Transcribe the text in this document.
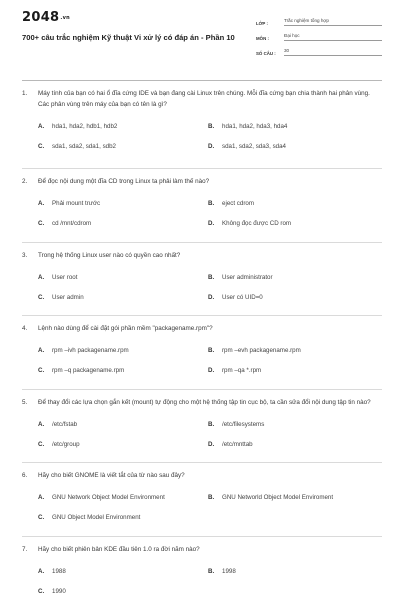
2048.vn
700+ câu trắc nghiệm Kỹ thuật Vi xử lý có đáp án - Phần 10
LỚP :
Trắc nghiệm tổng hợp
MÔN :
Đại học
SỐ CÂU :
30
1.	Máy tính của bạn có hai ổ đĩa cứng IDE và bạn đang cài Linux trên chúng. Mỗi đĩa cứng bạn chia thành hai phân vùng. Các phân vùng trên máy của bạn có tên là gì?
A.	hda1, hda2, hdb1, hdb2	B.	hda1, hda2, hda3, hda4
C.	sda1, sda2, sda1, sdb2	D.	sda1, sda2, sda3, sda4
2.	Để đọc nội dung một đĩa CD trong Linux ta phải làm thế nào?
A.	Phải mount trước	B.	eject cdrom
C.	cd /mnt/cdrom	D.	Không đọc được CD rom
3.	Trong hệ thống Linux user nào có quyền cao nhất?
A.	User root	B.	User administrator
C.	User admin	D.	User có UID=0
4.	Lệnh nào dùng để cài đặt gói phần mềm "packagename.rpm"?
A.	rpm –ivh packagename.rpm	B.	rpm –evh packagename.rpm
C.	rpm –q packagename.rpm	D.	rpm –qa *.rpm
5.	Để thay đổi các lựa chọn gắn kết (mount) tự động cho một hệ thống tập tin cục bộ, ta cần sửa đổi nội dung tập tin nào?
A.	/etc/fstab	B.	/etc/filesystems
C.	/etc/group	D.	/etc/mnttab
6.	Hãy cho biết GNOME là viết tắt của từ nào sau đây?
A.	GNU Network Object Model Environment	B.	GNU Networld Object Model Enviroment
C.	GNU Object Model Environment
7.	Hãy cho biết phiên bản KDE đầu tiên 1.0 ra đời năm nào?
A.	1988	B.	1998
C.	1990
